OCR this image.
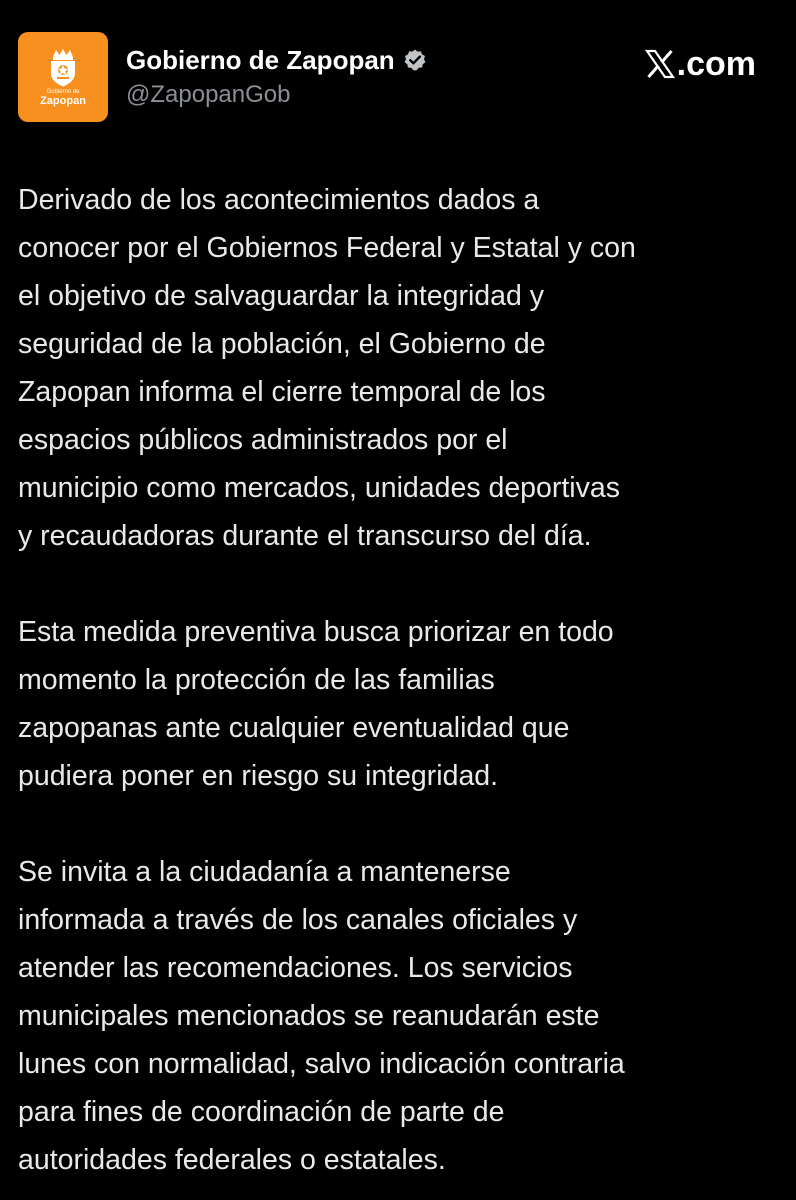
Gobierno de
Zapopan
Gobierno de Zapopan
@ZapopanGob
.com

Derivado de los acontecimientos dados a
conocer por el Gobiernos Federal y Estatal y con
el objetivo de salvaguardar la integridad y
seguridad de la población, el Gobierno de
Zapopan informa el cierre temporal de los
espacios públicos administrados por el
municipio como mercados, unidades deportivas
y recaudadoras durante el transcurso del día.

Esta medida preventiva busca priorizar en todo
momento la protección de las familias
zapopanas ante cualquier eventualidad que
pudiera poner en riesgo su integridad.

Se invita a la ciudadanía a mantenerse
informada a través de los canales oficiales y
atender las recomendaciones. Los servicios
municipales mencionados se reanudarán este
lunes con normalidad, salvo indicación contraria
para fines de coordinación de parte de
autoridades federales o estatales.
